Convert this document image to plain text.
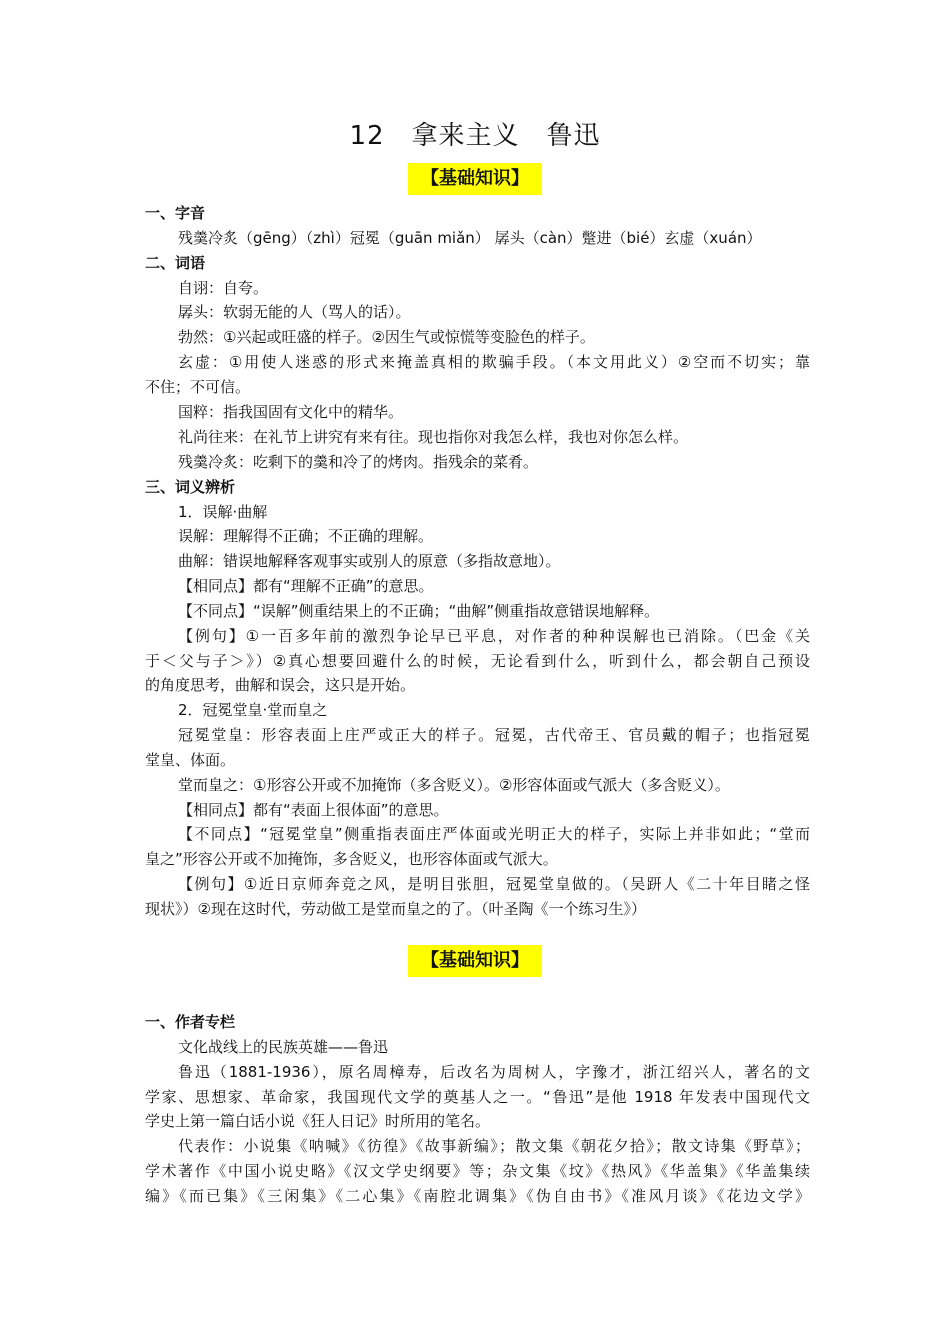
12　拿来主义　鲁迅
【基础知识】
一、字音
残羹冷炙（gēng）（zhì）冠冕（guān miǎn） 孱头（càn）蹩进（bié）玄虚（xuán）
二、词语
自诩：自夸。
孱头：软弱无能的人（骂人的话）。
勃然：①兴起或旺盛的样子。②因生气或惊慌等变脸色的样子。
玄虚：①用使人迷惑的形式来掩盖真相的欺骗手段。（本文用此义）②空而不切实；靠
不住；不可信。
国粹：指我国固有文化中的精华。
礼尚往来：在礼节上讲究有来有往。现也指你对我怎么样，我也对你怎么样。
残羹冷炙：吃剩下的羹和冷了的烤肉。指残余的菜肴。
三、词义辨析
1．误解·曲解
误解：理解得不正确；不正确的理解。
曲解：错误地解释客观事实或别人的原意（多指故意地）。
【相同点】都有“理解不正确”的意思。
【不同点】“误解”侧重结果上的不正确；“曲解”侧重指故意错误地解释。
【例句】①一百多年前的激烈争论早已平息，对作者的种种误解也已消除。（巴金《关
于＜父与子＞》）②真心想要回避什么的时候，无论看到什么，听到什么，都会朝自己预设
的角度思考，曲解和误会，这只是开始。
2．冠冕堂皇·堂而皇之
冠冕堂皇：形容表面上庄严或正大的样子。冠冕，古代帝王、官员戴的帽子；也指冠冕
堂皇、体面。
堂而皇之：①形容公开或不加掩饰（多含贬义）。②形容体面或气派大（多含贬义）。
【相同点】都有“表面上很体面”的意思。
【不同点】“冠冕堂皇”侧重指表面庄严体面或光明正大的样子，实际上并非如此；“堂而
皇之”形容公开或不加掩饰，多含贬义，也形容体面或气派大。
【例句】①近日京师奔竞之风，是明目张胆，冠冕堂皇做的。（吴趼人《二十年目睹之怪
现状》）②现在这时代，劳动做工是堂而皇之的了。（叶圣陶《一个练习生》）
【基础知识】
一、作者专栏
文化战线上的民族英雄——鲁迅
鲁迅（1881-1936），原名周樟寿，后改名为周树人，字豫才，浙江绍兴人，著名的文
学家、思想家、革命家，我国现代文学的奠基人之一。“鲁迅”是他 1918 年发表中国现代文
学史上第一篇白话小说《狂人日记》时所用的笔名。
代表作：小说集《呐喊》《彷徨》《故事新编》；散文集《朝花夕拾》；散文诗集《野草》；
学术著作《中国小说史略》《汉文学史纲要》等；杂文集《坟》《热风》《华盖集》《华盖集续
编》《而已集》《三闲集》《二心集》《南腔北调集》《伪自由书》《准风月谈》《花边文学》
